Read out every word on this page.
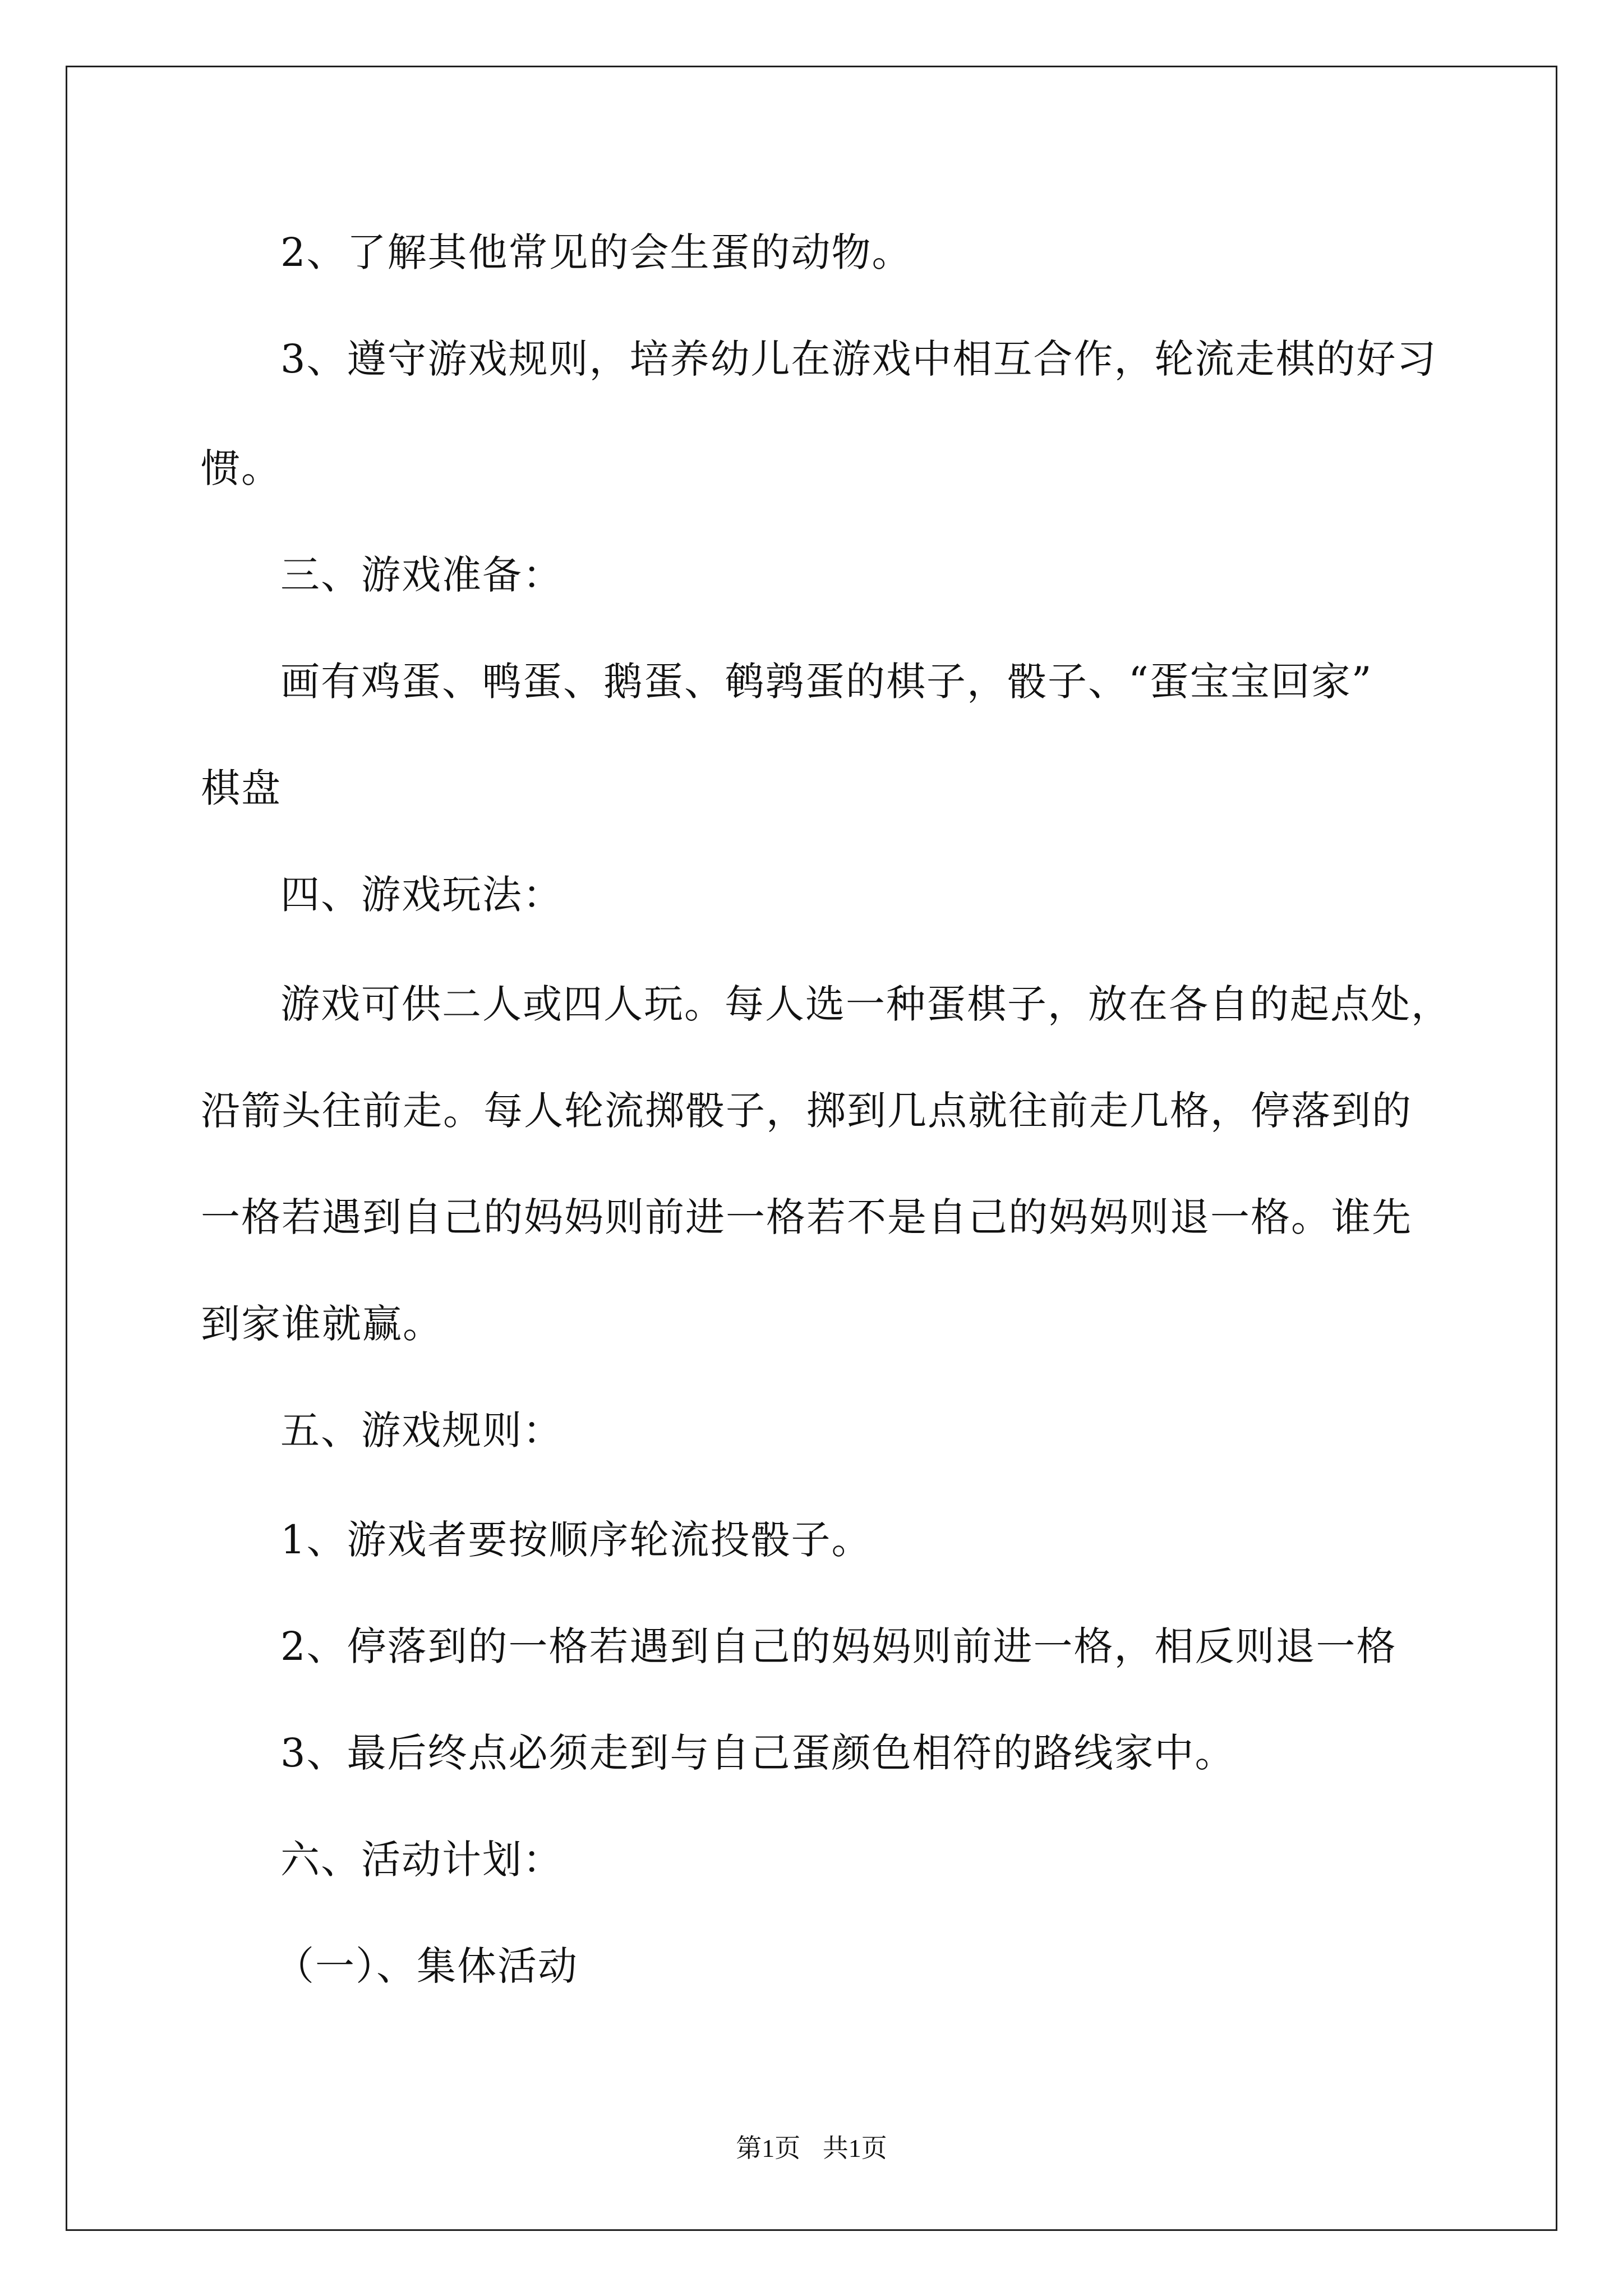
2、了解其他常见的会生蛋的动物。
3、遵守游戏规则，培养幼儿在游戏中相互合作，轮流走棋的好习
惯。
三、游戏准备：
画有鸡蛋、鸭蛋、鹅蛋、鹌鹑蛋的棋子，骰子、“蛋宝宝回家”
棋盘
四、游戏玩法：
游戏可供二人或四人玩。每人选一种蛋棋子，放在各自的起点处，
沿箭头往前走。每人轮流掷骰子，掷到几点就往前走几格，停落到的
一格若遇到自己的妈妈则前进一格若不是自己的妈妈则退一格。谁先
到家谁就赢。
五、游戏规则：
1、游戏者要按顺序轮流投骰子。
2、停落到的一格若遇到自己的妈妈则前进一格，相反则退一格
3、最后终点必须走到与自己蛋颜色相符的路线家中。
六、活动计划：
（一）、集体活动
第1页 共1页
